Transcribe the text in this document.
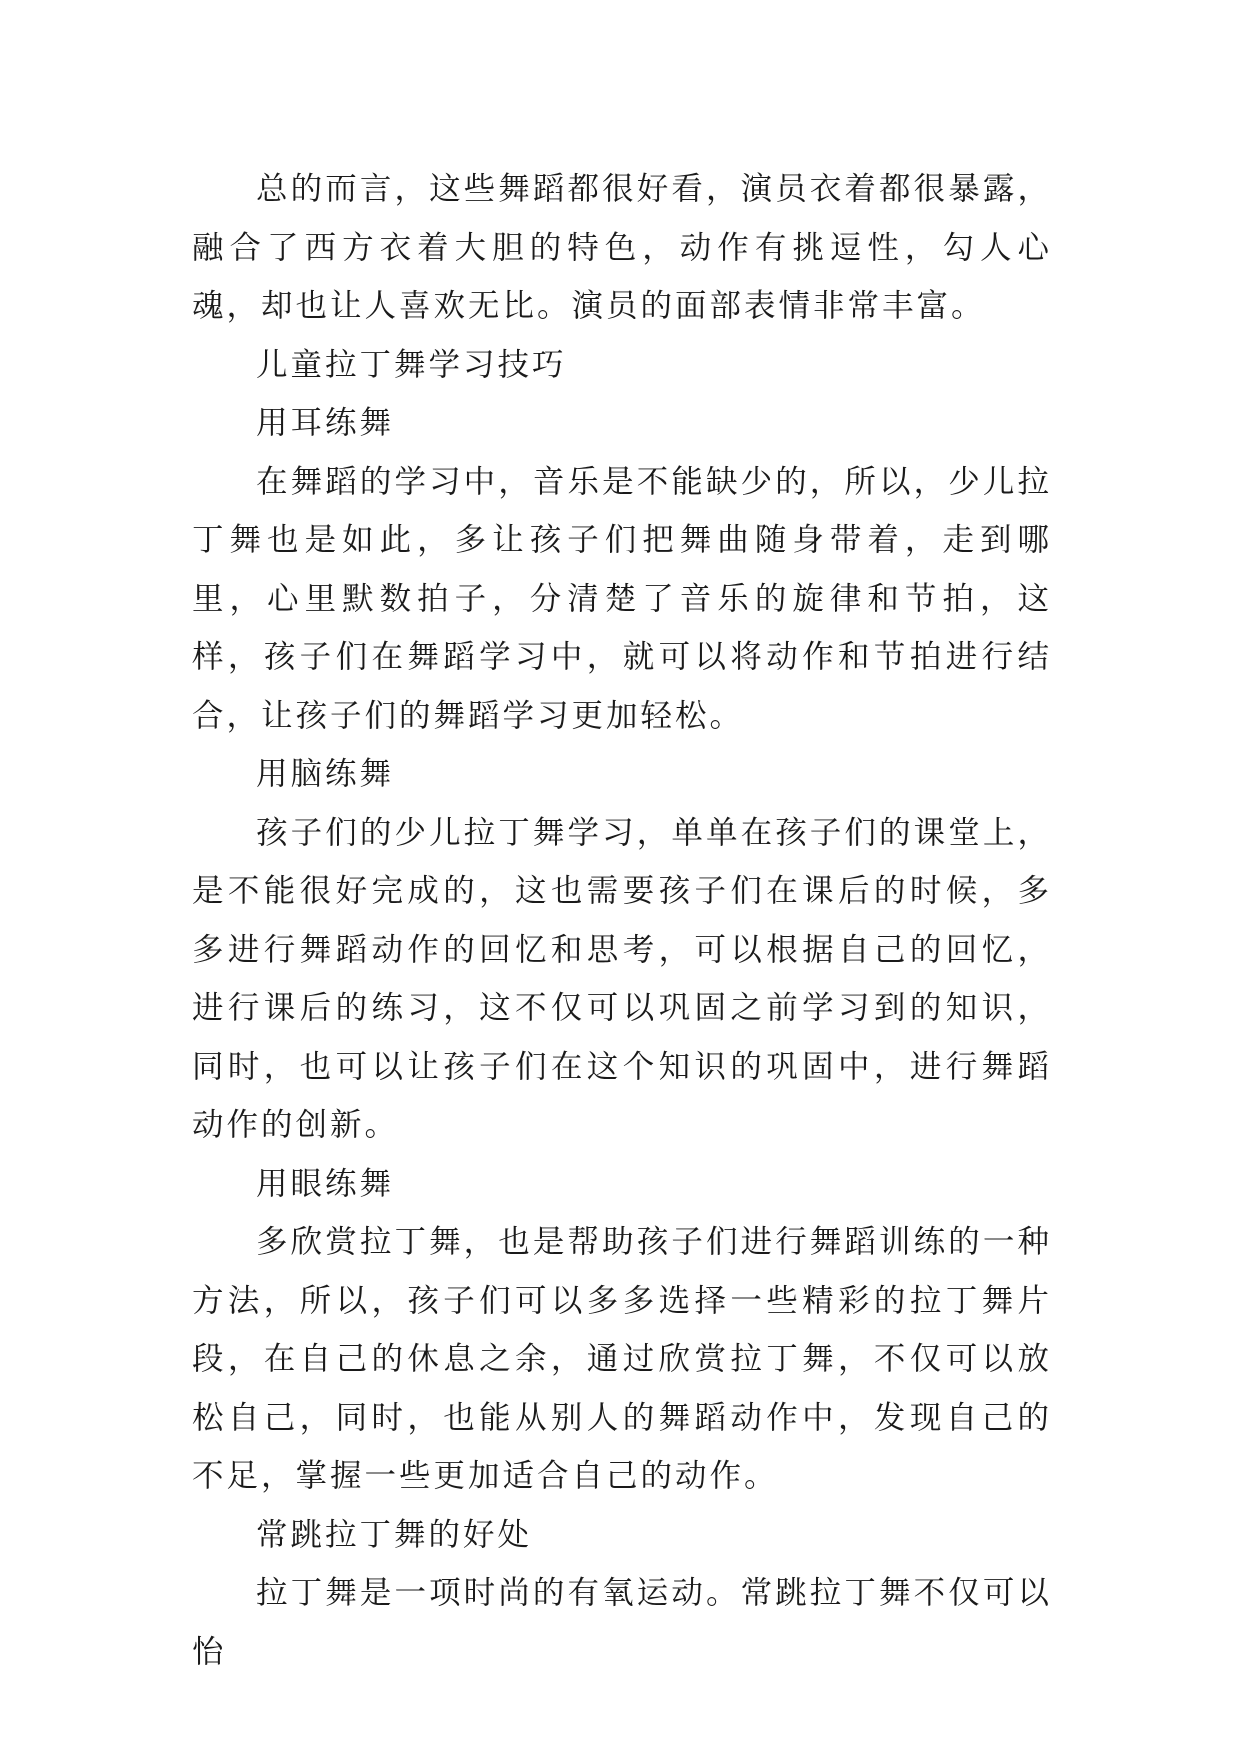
总的而言，这些舞蹈都很好看，演员衣着都很暴露，融合了西方衣着大胆的特色，动作有挑逗性，勾人心魂，却也让人喜欢无比。演员的面部表情非常丰富。

儿童拉丁舞学习技巧

用耳练舞

在舞蹈的学习中，音乐是不能缺少的，所以，少儿拉丁舞也是如此，多让孩子们把舞曲随身带着，走到哪里，心里默数拍子，分清楚了音乐的旋律和节拍，这样，孩子们在舞蹈学习中，就可以将动作和节拍进行结合，让孩子们的舞蹈学习更加轻松。

用脑练舞

孩子们的少儿拉丁舞学习，单单在孩子们的课堂上，是不能很好完成的，这也需要孩子们在课后的时候，多多进行舞蹈动作的回忆和思考，可以根据自己的回忆，进行课后的练习，这不仅可以巩固之前学习到的知识，同时，也可以让孩子们在这个知识的巩固中，进行舞蹈动作的创新。

用眼练舞

多欣赏拉丁舞，也是帮助孩子们进行舞蹈训练的一种方法，所以，孩子们可以多多选择一些精彩的拉丁舞片段，在自己的休息之余，通过欣赏拉丁舞，不仅可以放松自己，同时，也能从别人的舞蹈动作中，发现自己的不足，掌握一些更加适合自己的动作。

常跳拉丁舞的好处

拉丁舞是一项时尚的有氧运动。常跳拉丁舞不仅可以怡
